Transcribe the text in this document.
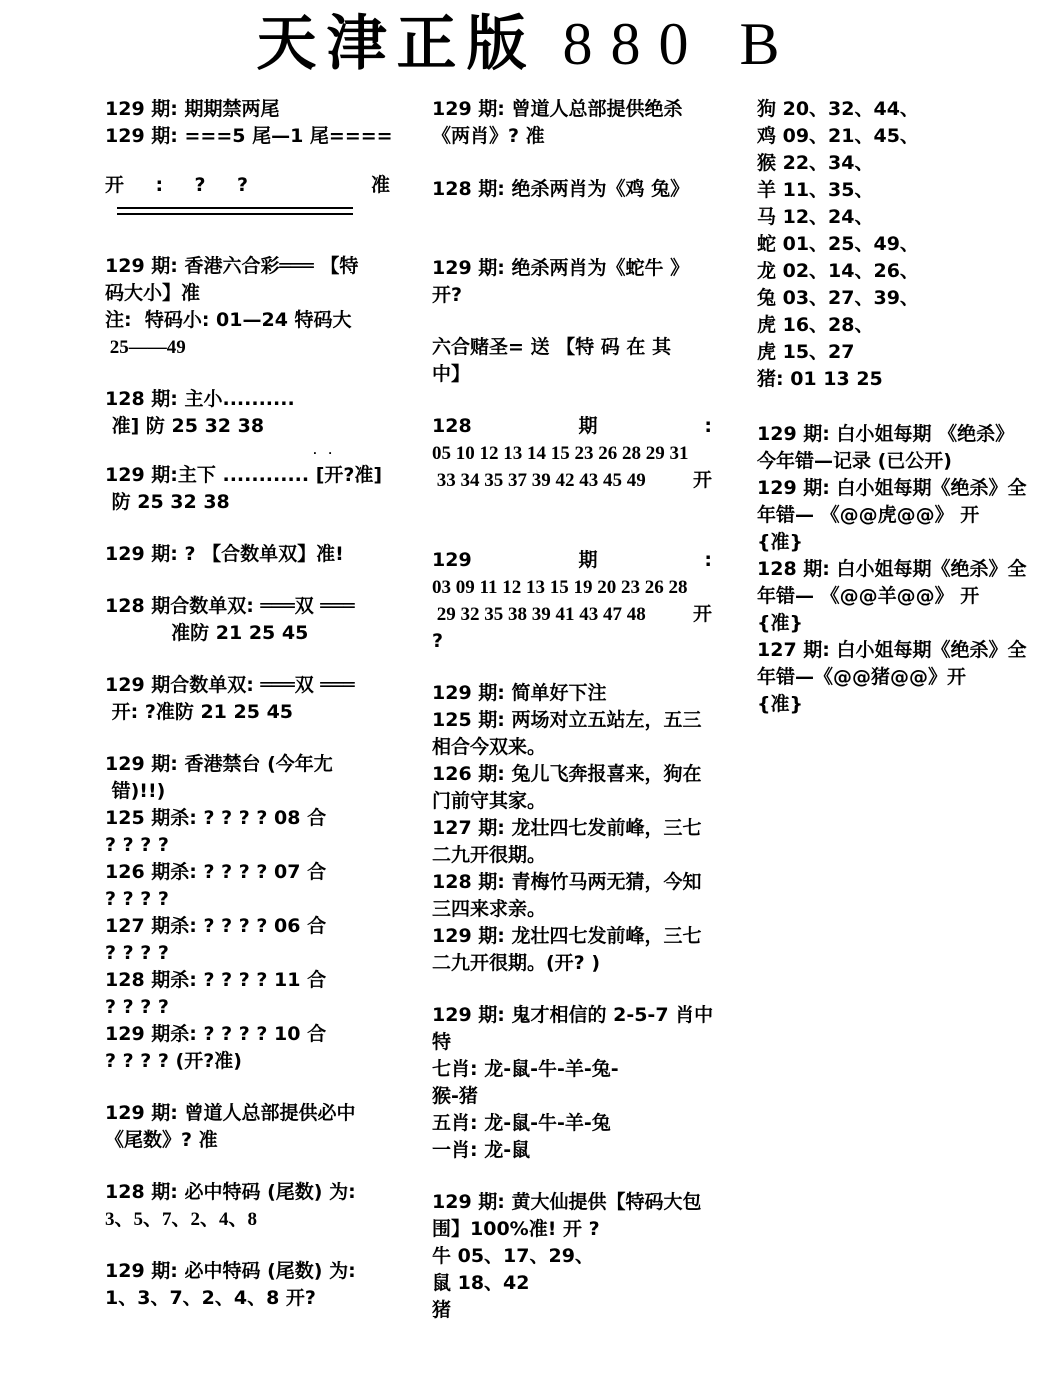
天津正版 880 B
129 期: 期期禁两尾
129 期: ===5 尾—1 尾====
开 : ? ?	准
129 期: 香港六合彩═══ 【特
码大小】准
注:  特码小: 01—24 特码大
25——49
128 期: 主小..........
准] 防 25 32 38
129 期:主下 ............ [开?准]
防 25 32 38
129 期: ? 【合数单双】准!
128 期合数单双: ═══双 ═══
准防 21 25 45
129 期合数单双: ═══双 ═══
开: ?准防 21 25 45
129 期: 香港禁台 (今年尢
错)!!)
125 期杀: ? ? ? ? 08 合
? ? ? ?
126 期杀: ? ? ? ? 07 合
? ? ? ?
127 期杀: ? ? ? ? 06 合
? ? ? ?
128 期杀: ? ? ? ? 11 合
? ? ? ?
129 期杀: ? ? ? ? 10 合
? ? ? ? (开?准)
129 期: 曾道人总部提供必中
《尾数》? 准
128 期: 必中特码 (尾数) 为:
3、5、7、2、4、8
129 期: 必中特码 (尾数) 为:
1、3、7、2、4、8 开?
. .
129 期: 曾道人总部提供绝杀
《两肖》? 准
128 期: 绝杀两肖为《鸡 兔》
129 期: 绝杀两肖为《蛇牛 》
开?
六合赌圣= 送 【特 码 在 其
中】
128	期	:
05 10 12 13 14 15 23 26 28 29 31
33 34 35 37 39 42 43 45 49 开
129	期	:
03 09 11 12 13 15 19 20 23 26 28
29 32 35 38 39 41 43 47 48 开
?
129 期: 简单好下注
125 期: 两场对立五站左，五三
相合今双来。
126 期: 兔儿飞奔报喜来，狗在
门前守其家。
127 期: 龙壮四七发前峰，三七
二九开很期。
128 期: 青梅竹马两无猜，今知
三四来求亲。
129 期: 龙壮四七发前峰，三七
二九开很期。(开? )
129 期: 鬼才相信的 2-5-7 肖中
特
七肖: 龙-鼠-牛-羊-兔-
猴-猪
五肖: 龙-鼠-牛-羊-兔
一肖: 龙-鼠
129 期: 黄大仙提供【特码大包
围】100%准! 开 ?
牛 05、17、29、
鼠 18、42
猪
狗 20、32、44、
鸡 09、21、45、
猴 22、34、
羊 11、35、
马 12、24、
蛇 01、25、49、
龙 02、14、26、
兔 03、27、39、
虎 16、28、
虎 15、27
猪: 01 13 25
129 期: 白小姐每期 《绝杀》
今年错—记录 (已公开)
129 期: 白小姐每期《绝杀》全
年错— 《@@虎@@》 开
{准}
128 期: 白小姐每期《绝杀》全
年错— 《@@羊@@》 开
{准}
127 期: 白小姐每期《绝杀》全
年错—《@@猪@@》开
{准}
